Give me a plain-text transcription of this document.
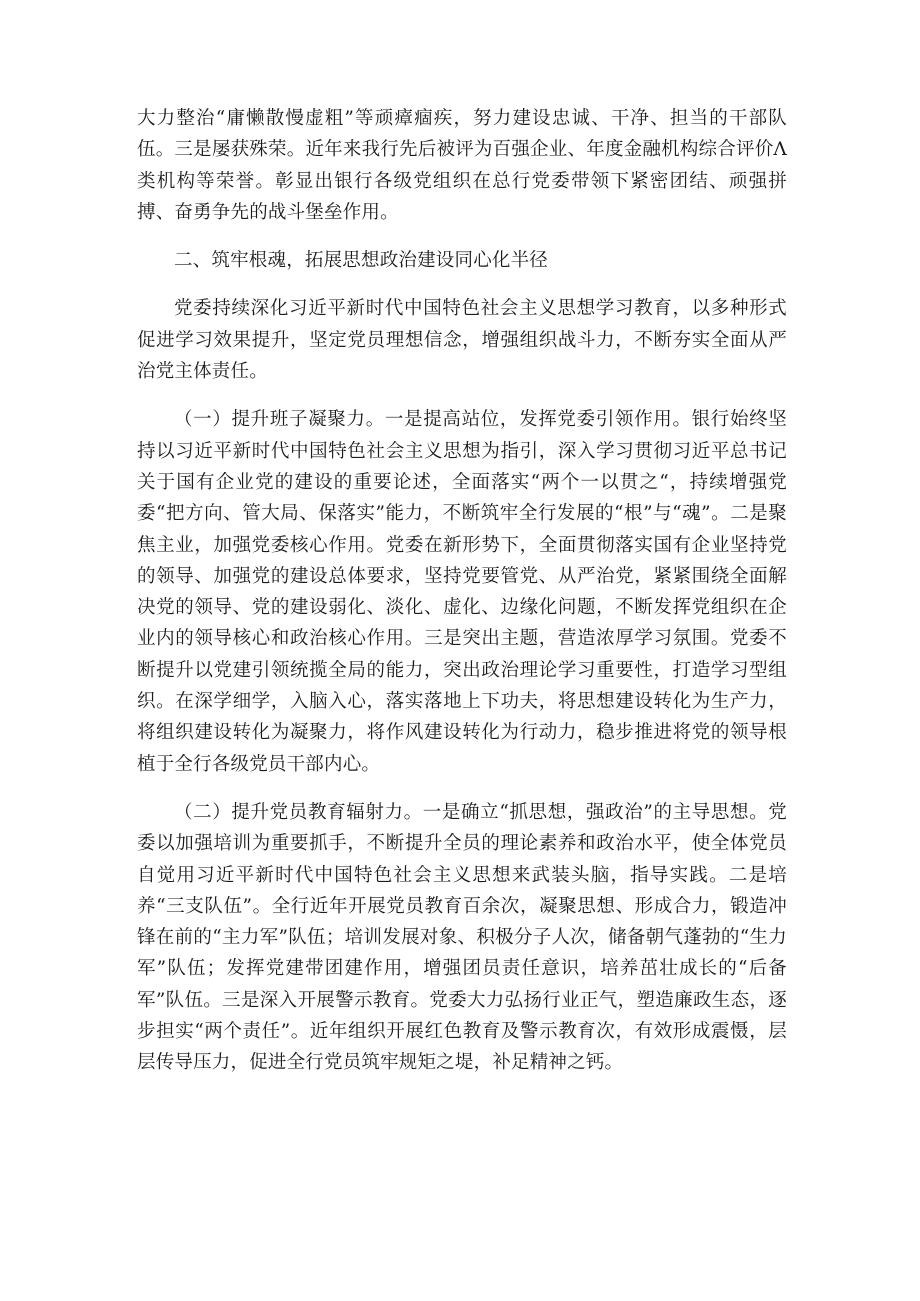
大力整治“庸懒散慢虚粗”等顽瘴痼疾，努力建设忠诚、干净、担当的干部队伍。三是屡获殊荣。近年来我行先后被评为百强企业、年度金融机构综合评价Λ类机构等荣誉。彰显出银行各级党组织在总行党委带领下紧密团结、顽强拼搏、奋勇争先的战斗堡垒作用。

二、筑牢根魂，拓展思想政治建设同心化半径

党委持续深化习近平新时代中国特色社会主义思想学习教育，以多种形式促进学习效果提升，坚定党员理想信念，增强组织战斗力，不断夯实全面从严治党主体责任。

（一）提升班子凝聚力。一是提高站位，发挥党委引领作用。银行始终坚持以习近平新时代中国特色社会主义思想为指引，深入学习贯彻习近平总书记关于国有企业党的建设的重要论述，全面落实“两个一以贯之“，持续增强党委“把方向、管大局、保落实”能力，不断筑牢全行发展的“根”与“魂”。二是聚焦主业，加强党委核心作用。党委在新形势下，全面贯彻落实国有企业坚持党的领导、加强党的建设总体要求，坚持党要管党、从严治党，紧紧围绕全面解决党的领导、党的建设弱化、淡化、虚化、边缘化问题，不断发挥党组织在企业内的领导核心和政治核心作用。三是突出主题，营造浓厚学习氛围。党委不断提升以党建引领统揽全局的能力，突出政治理论学习重要性，打造学习型组织。在深学细学，入脑入心，落实落地上下功夫，将思想建设转化为生产力，将组织建设转化为凝聚力，将作风建设转化为行动力，稳步推进将党的领导根植于全行各级党员干部内心。

（二）提升党员教育辐射力。一是确立“抓思想，强政治”的主导思想。党委以加强培训为重要抓手，不断提升全员的理论素养和政治水平，使全体党员自觉用习近平新时代中国特色社会主义思想来武装头脑，指导实践。二是培养“三支队伍”。全行近年开展党员教育百余次，凝聚思想、形成合力，锻造冲锋在前的“主力军”队伍；培训发展对象、积极分子人次，储备朝气蓬勃的“生力军”队伍；发挥党建带团建作用，增强团员责任意识，培养茁壮成长的“后备军”队伍。三是深入开展警示教育。党委大力弘扬行业正气，塑造廉政生态，逐步担实“两个责任”。近年组织开展红色教育及警示教育次，有效形成震慑，层层传导压力，促进全行党员筑牢规矩之堤，补足精神之钙。
